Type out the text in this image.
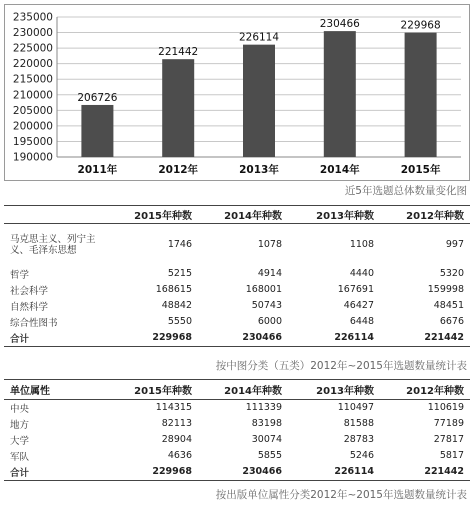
235000
230000
225000
220000
215000
210000
205000
200000
195000
190000
206726
2011年
221442
2012年
226114
2013年
230466
2014年
229968
2015年
近5年选题总体数量变化图
	2015年种数	2014年种数	2013年种数	2012年种数
马克思主义、列宁主义、毛泽东思想	1746	1078	1108	997
哲学	5215	4914	4440	5320
社会科学	168615	168001	167691	159998
自然科学	48842	50743	46427	48451
综合性图书	5550	6000	6448	6676
合计	229968	230466	226114	221442
按中图分类（五类）2012年~2015年选题数量统计表
单位属性	2015年种数	2014年种数	2013年种数	2012年种数
中央	114315	111339	110497	110619
地方	82113	83198	81588	77189
大学	28904	30074	28783	27817
军队	4636	5855	5246	5817
合计	229968	230466	226114	221442
按出版单位属性分类2012年~2015年选题数量统计表
